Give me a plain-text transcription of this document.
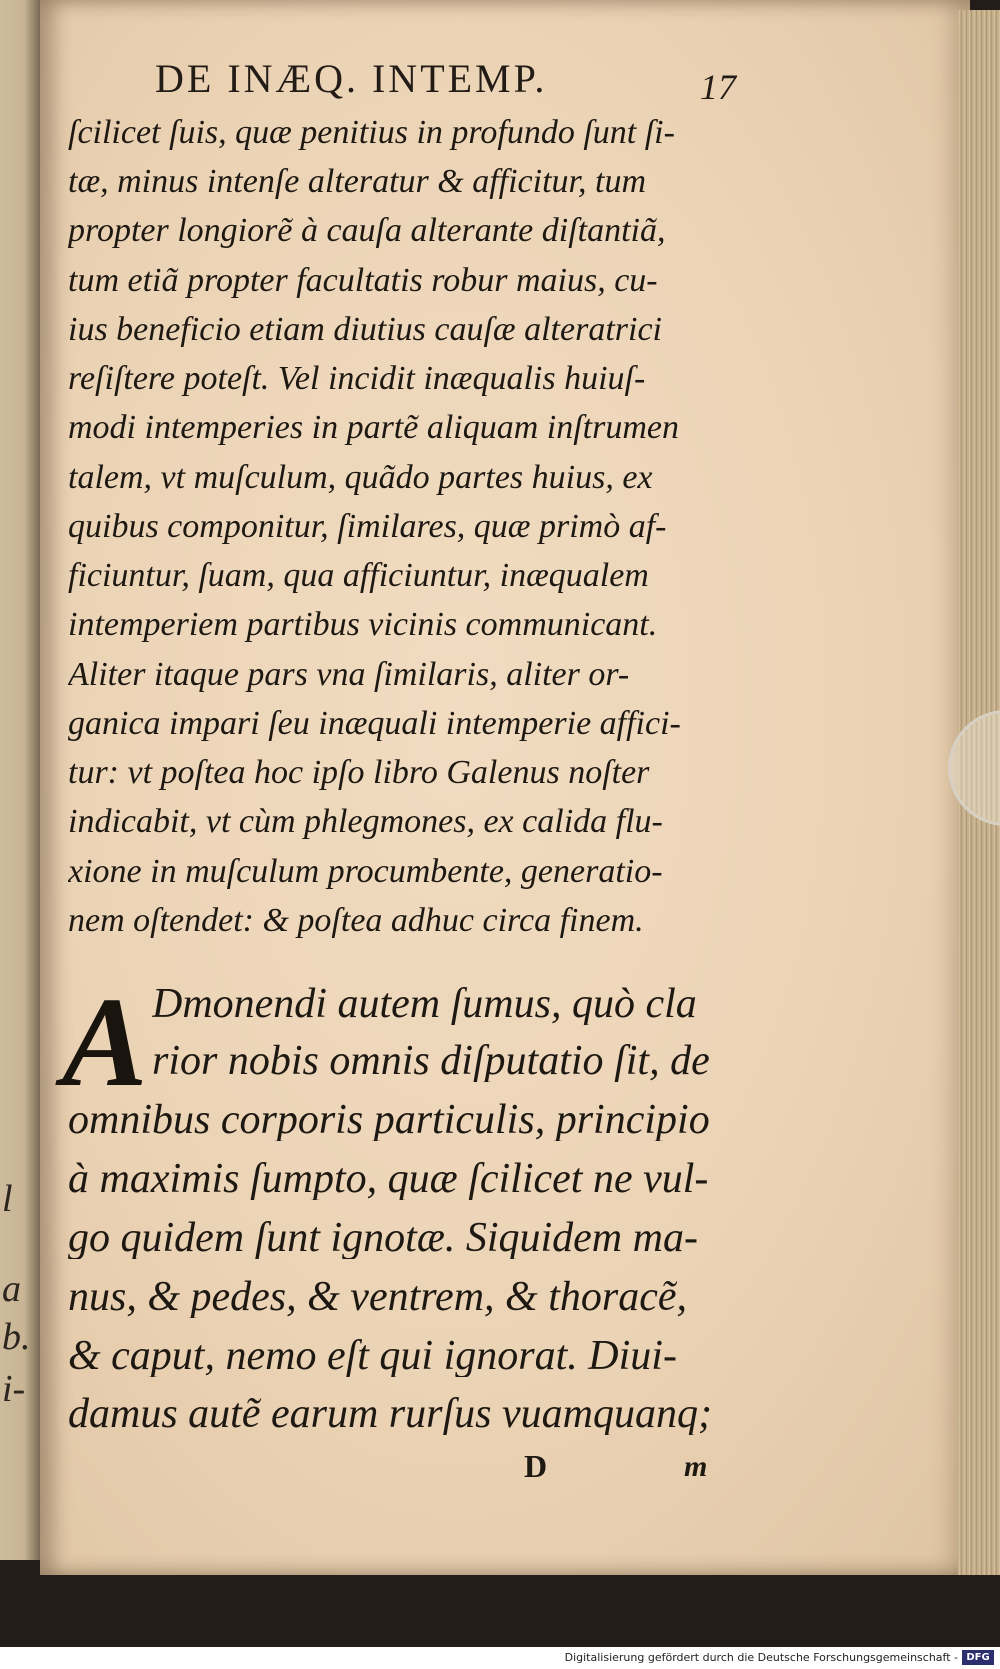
l
a
b.
i-
DE INÆQ. INTEMP.	17
ſcilicet ſuis, quæ penitius in profundo ſunt ſi-
tæ, minus intenſe alteratur & afficitur, tum
propter longiorẽ à cauſa alterante diſtantiã,
tum etiã propter facultatis robur maius, cu-
ius beneficio etiam diutius cauſæ alteratrici
reſiſtere poteſt. Vel incidit inæqualis huiuſ-
modi intemperies in partẽ aliquam inſtrumen
talem, vt muſculum, quãdo partes huius, ex
quibus componitur, ſimilares, quæ primò af-
ficiuntur, ſuam, qua afficiuntur, inæqualem
intemperiem partibus vicinis communicant.
Aliter itaque pars vna ſimilaris, aliter or-
ganica impari ſeu inæquali intemperie affici-
tur: vt poſtea hoc ipſo libro Galenus noſter
indicabit, vt cùm phlegmones, ex calida flu-
xione in muſculum procumbente, generatio-
nem oſtendet: & poſtea adhuc circa finem.
A Dmonendi autem ſumus, quò cla
rior nobis omnis diſputatio ſit, de
omnibus corporis particulis, principio
à maximis ſumpto, quæ ſcilicet ne vul-
go quidem ſunt ignotæ. Siquidem ma-
nus, & pedes, & ventrem, & thoracẽ,
& caput, nemo eſt qui ignorat. Diui-
damus autẽ earum rurſus vuamquanq;
D	m
Digitalisierung gefördert durch die Deutsche Forschungsgemeinschaft - DFG
